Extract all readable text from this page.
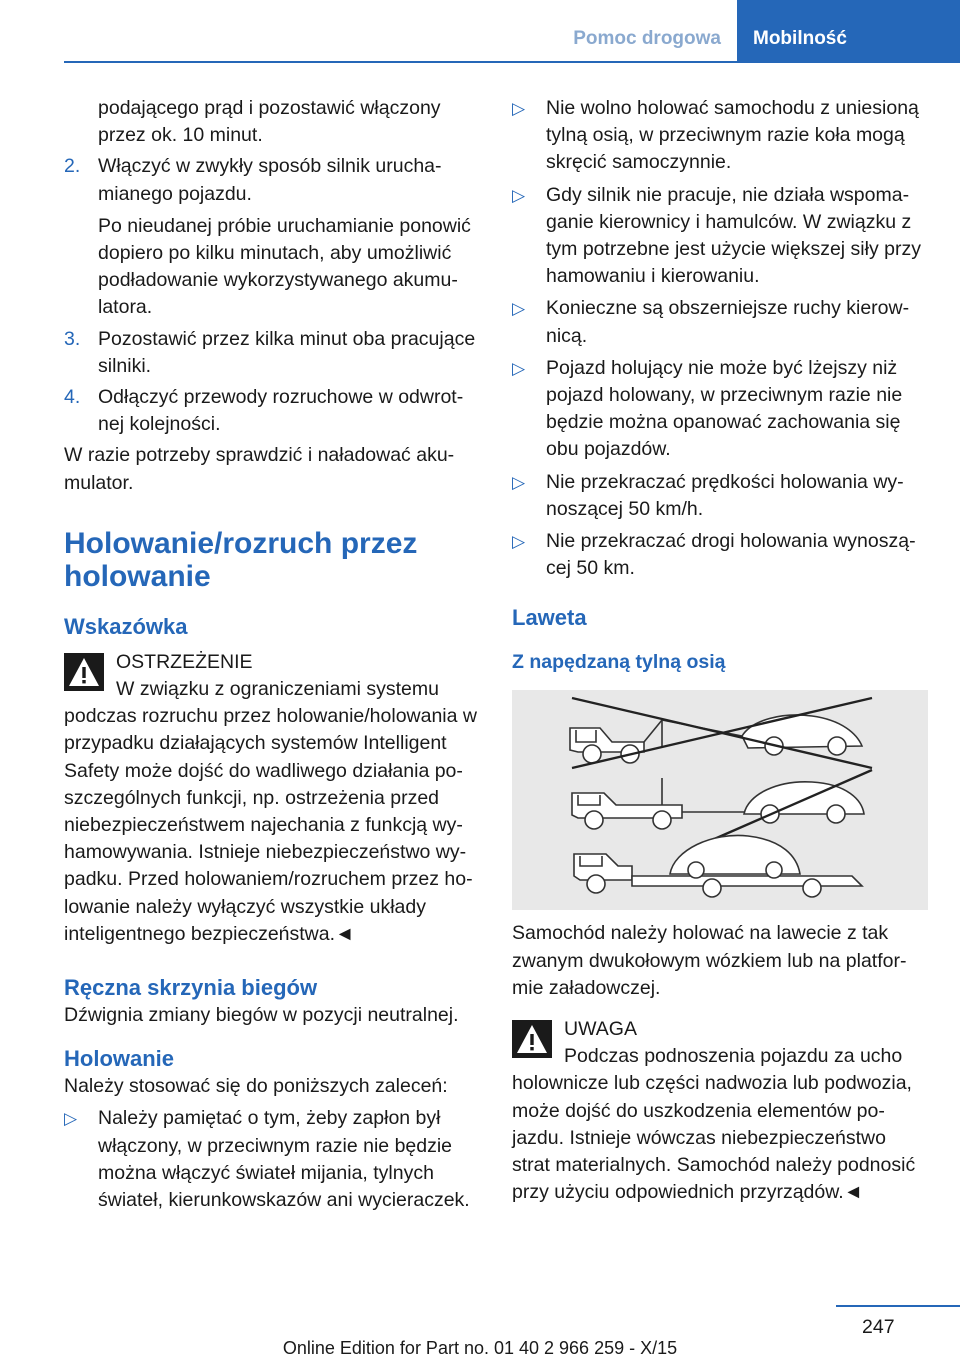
Pomoc drogowa Mobilność
podającego prąd i pozostawić włączony przez ok. 10 minut.
2. Włączyć w zwykły sposób silnik uruchamianego pojazdu.
Po nieudanej próbie uruchamianie ponowić dopiero po kilku minutach, aby umożliwić podładowanie wykorzystywanego akumulatora.
3. Pozostawić przez kilka minut oba pracujące silniki.
4. Odłączyć przewody rozruchowe w odwrotnej kolejności.
W razie potrzeby sprawdzić i naładować akumulator.
Holowanie/rozruch przez holowanie
Wskazówka
OSTRZEŻENIE
W związku z ograniczeniami systemu
podczas rozruchu przez holowanie/holowania w przypadku działających systemów Intelligent Safety może dojść do wadliwego działania poszczególnych funkcji, np. ostrzeżenia przed niebezpieczeństwem najechania z funkcją wyhamowywania. Istnieje niebezpieczeństwo wypadku. Przed holowaniem/rozruchem przez holowanie należy wyłączyć wszystkie układy inteligentnego bezpieczeństwa.◄
Ręczna skrzynia biegów
Dźwignia zmiany biegów w pozycji neutralnej.
Holowanie
Należy stosować się do poniższych zaleceń:
▷ Należy pamiętać o tym, żeby zapłon był włączony, w przeciwnym razie nie będzie można włączyć świateł mijania, tylnych świateł, kierunkowskazów ani wycieraczek.
▷ Nie wolno holować samochodu z uniesioną tylną osią, w przeciwnym razie koła mogą skręcić samoczynnie.
▷ Gdy silnik nie pracuje, nie działa wspomaganie kierownicy i hamulców. W związku z tym potrzebne jest użycie większej siły przy hamowaniu i kierowaniu.
▷ Konieczne są obszerniejsze ruchy kierownicą.
▷ Pojazd holujący nie może być lżejszy niż pojazd holowany, w przeciwnym razie nie będzie można opanować zachowania się obu pojazdów.
▷ Nie przekraczać prędkości holowania wynoszącej 50 km/h.
▷ Nie przekraczać drogi holowania wynoszącej 50 km.
Laweta
Z napędzaną tylną osią
Samochód należy holować na lawecie z tak zwanym dwukołowym wózkiem lub na platformie załadowczej.
UWAGA
Podczas podnoszenia pojazdu za ucho
holownicze lub części nadwozia lub podwozia, może dojść do uszkodzenia elementów pojazdu. Istnieje wówczas niebezpieczeństwo strat materialnych. Samochód należy podnosić przy użyciu odpowiednich przyrządów.◄
247
Online Edition for Part no. 01 40 2 966 259 - X/15
